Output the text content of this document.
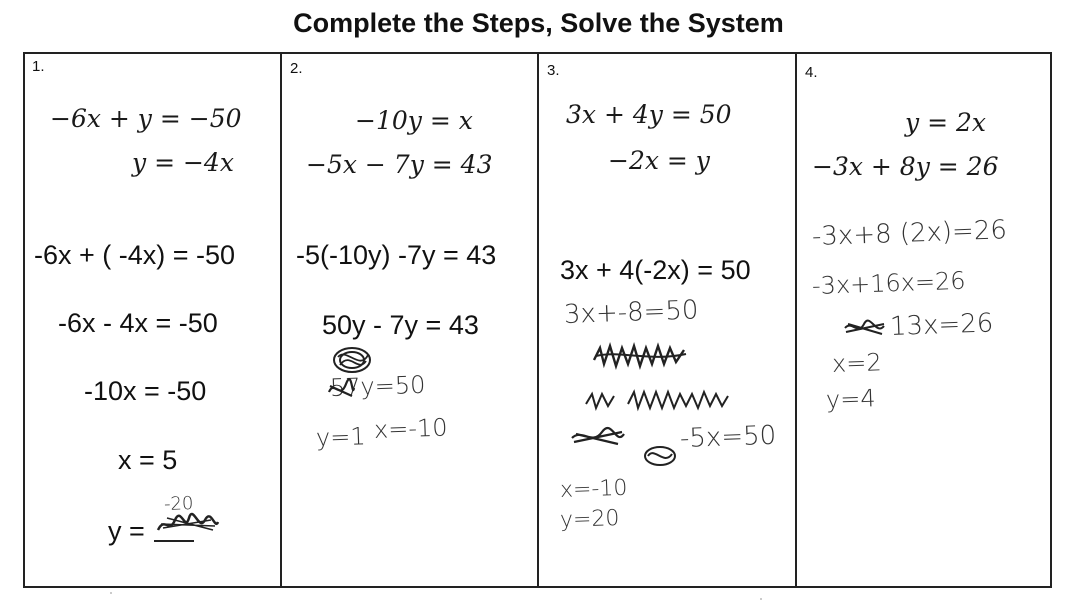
Complete the Steps, Solve the System
1.
−6x + y = −50
y = −4x
-6x + ( -4x) = -50
-6x - 4x = -50
-10x = -50
x = 5
y =
-20
2.
−10y = x
−5x − 7y = 43
-5(-10y) -7y = 43
50y - 7y = 43
57y=50
y=1 x=-10
3.
3x + 4y = 50
−2x = y
3x + 4(-2x) = 50
3x+-8=50
-5x=50
x=-10
y=20
4.
y = 2x
−3x + 8y = 26
-3x+8 (2x)=26
-3x+16x=26
13x=26
x=2
y=4
